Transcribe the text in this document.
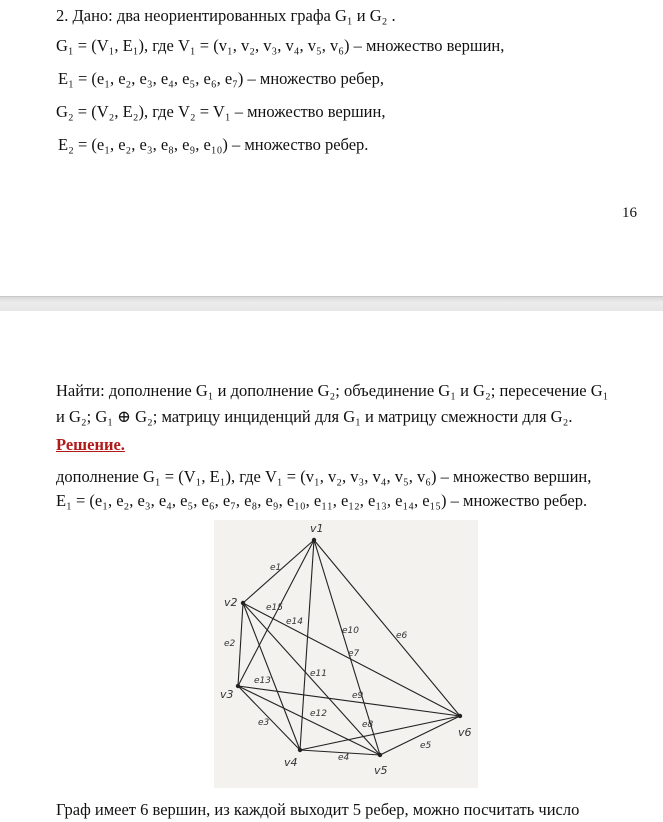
2. Дано: два неориентированных графа G₁ и G₂ .
G₁ = (V₁, E₁), где V₁ = (v₁, v₂, v₃, v₄, v₅, v₆) – множество вершин,
E₁ = (e₁, e₂, e₃, e₄, e₅, e₆, e₇) – множество ребер,
G₂ = (V₂, E₂), где V₂ = V₁ – множество вершин,
E₂ = (e₁, e₂, e₃, e₈, e₉, e₁₀) – множество ребер.
16
Найти: дополнение G₁ и дополнение G₂; объединение G₁ и G₂; пересечение G₁
и G₂; G₁ ⊕ G₂; матрицу инциденций для G₁ и матрицу смежности для G₂.
Решение.
дополнение G₁ = (V₁, E₁), где V₁ = (v₁, v₂, v₃, v₄, v₅, v₆) – множество вершин,
E₁ = (e₁, e₂, e₃, e₄, e₅, e₆, e₇, e₈, e₉, e₁₀, e₁₁, e₁₂, e₁₃, e₁₄, e₁₅) – множество ребер.
Граф имеет 6 вершин, из каждой выходит 5 ребер, можно посчитать число
v1
v2
v3
v4
v5
v6
e1
e2
e3
e4
e5
e6
e7
e8
e9
e10
e11
e12
e13
e14
e15
